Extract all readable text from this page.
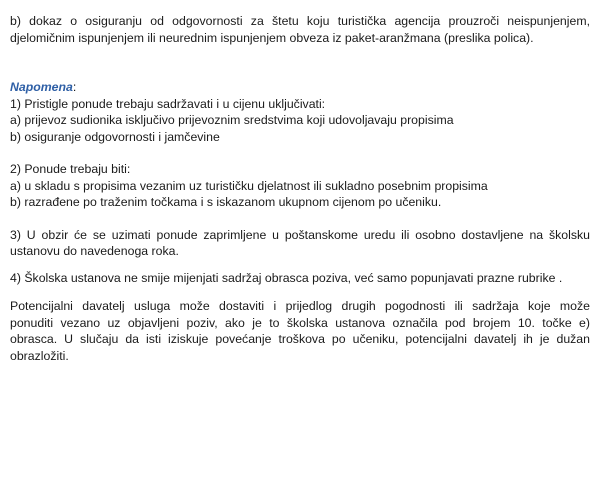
b) dokaz o osiguranju od odgovornosti za štetu koju turistička agencija prouzroči neispunjenjem,
djelomičnim ispunjenjem ili neurednim ispunjenjem obveza iz paket-aranžmana (preslika polica).
Napomena:
1) Pristigle ponude trebaju sadržavati i u cijenu uključivati:
a) prijevoz sudionika isključivo prijevoznim sredstvima koji udovoljavaju propisima
b) osiguranje odgovornosti i jamčevine
2) Ponude trebaju biti:
a) u skladu s propisima vezanim uz turističku djelatnost ili sukladno posebnim propisima
b) razrađene po traženim točkama i s iskazanom ukupnom cijenom po učeniku.
3) U obzir će se uzimati ponude zaprimljene u poštanskome uredu ili osobno dostavljene na školsku
ustanovu do navedenoga roka.
4) Školska ustanova ne smije mijenjati sadržaj obrasca poziva, već samo popunjavati prazne rubrike .
Potencijalni davatelj usluga može dostaviti i prijedlog drugih pogodnosti ili sadržaja koje može
ponuditi vezano uz objavljeni poziv, ako je to školska ustanova označila pod brojem 10. točke e)
obrasca. U slučaju da isti iziskuje povećanje troškova po učeniku, potencijalni davatelj ih je dužan
obrazložiti.
